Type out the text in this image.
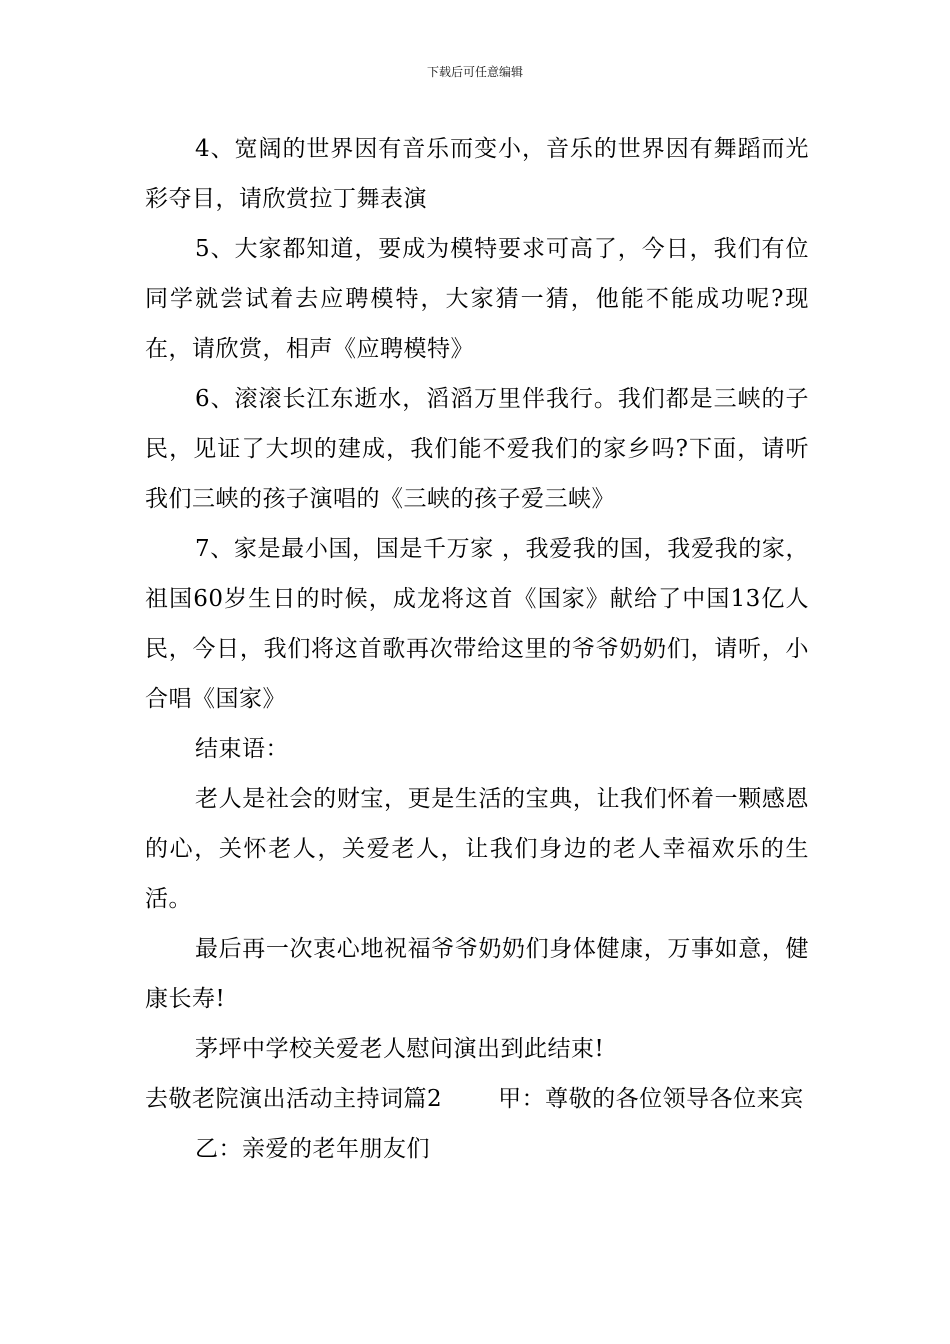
下载后可任意编辑

4、宽阔的世界因有音乐而变小，音乐的世界因有舞蹈而光彩夺目，请欣赏拉丁舞表演

5、大家都知道，要成为模特要求可高了，今日，我们有位同学就尝试着去应聘模特，大家猜一猜，他能不能成功呢?现在，请欣赏，相声《应聘模特》

6、滚滚长江东逝水，滔滔万里伴我行。我们都是三峡的子民，见证了大坝的建成，我们能不爱我们的家乡吗?下面，请听我们三峡的孩子演唱的《三峡的孩子爱三峡》

7、家是最小国，国是千万家 ，我爱我的国，我爱我的家，祖国60岁生日的时候，成龙将这首《国家》献给了中国13亿人民，今日，我们将这首歌再次带给这里的爷爷奶奶们，请听，小合唱《国家》

结束语：

老人是社会的财宝，更是生活的宝典，让我们怀着一颗感恩的心，关怀老人，关爱老人，让我们身边的老人幸福欢乐的生活。

最后再一次衷心地祝福爷爷奶奶们身体健康，万事如意，健康长寿!

茅坪中学校关爱老人慰问演出到此结束!

去敬老院演出活动主持词篇2 甲：尊敬的各位领导各位来宾

乙：亲爱的老年朋友们
